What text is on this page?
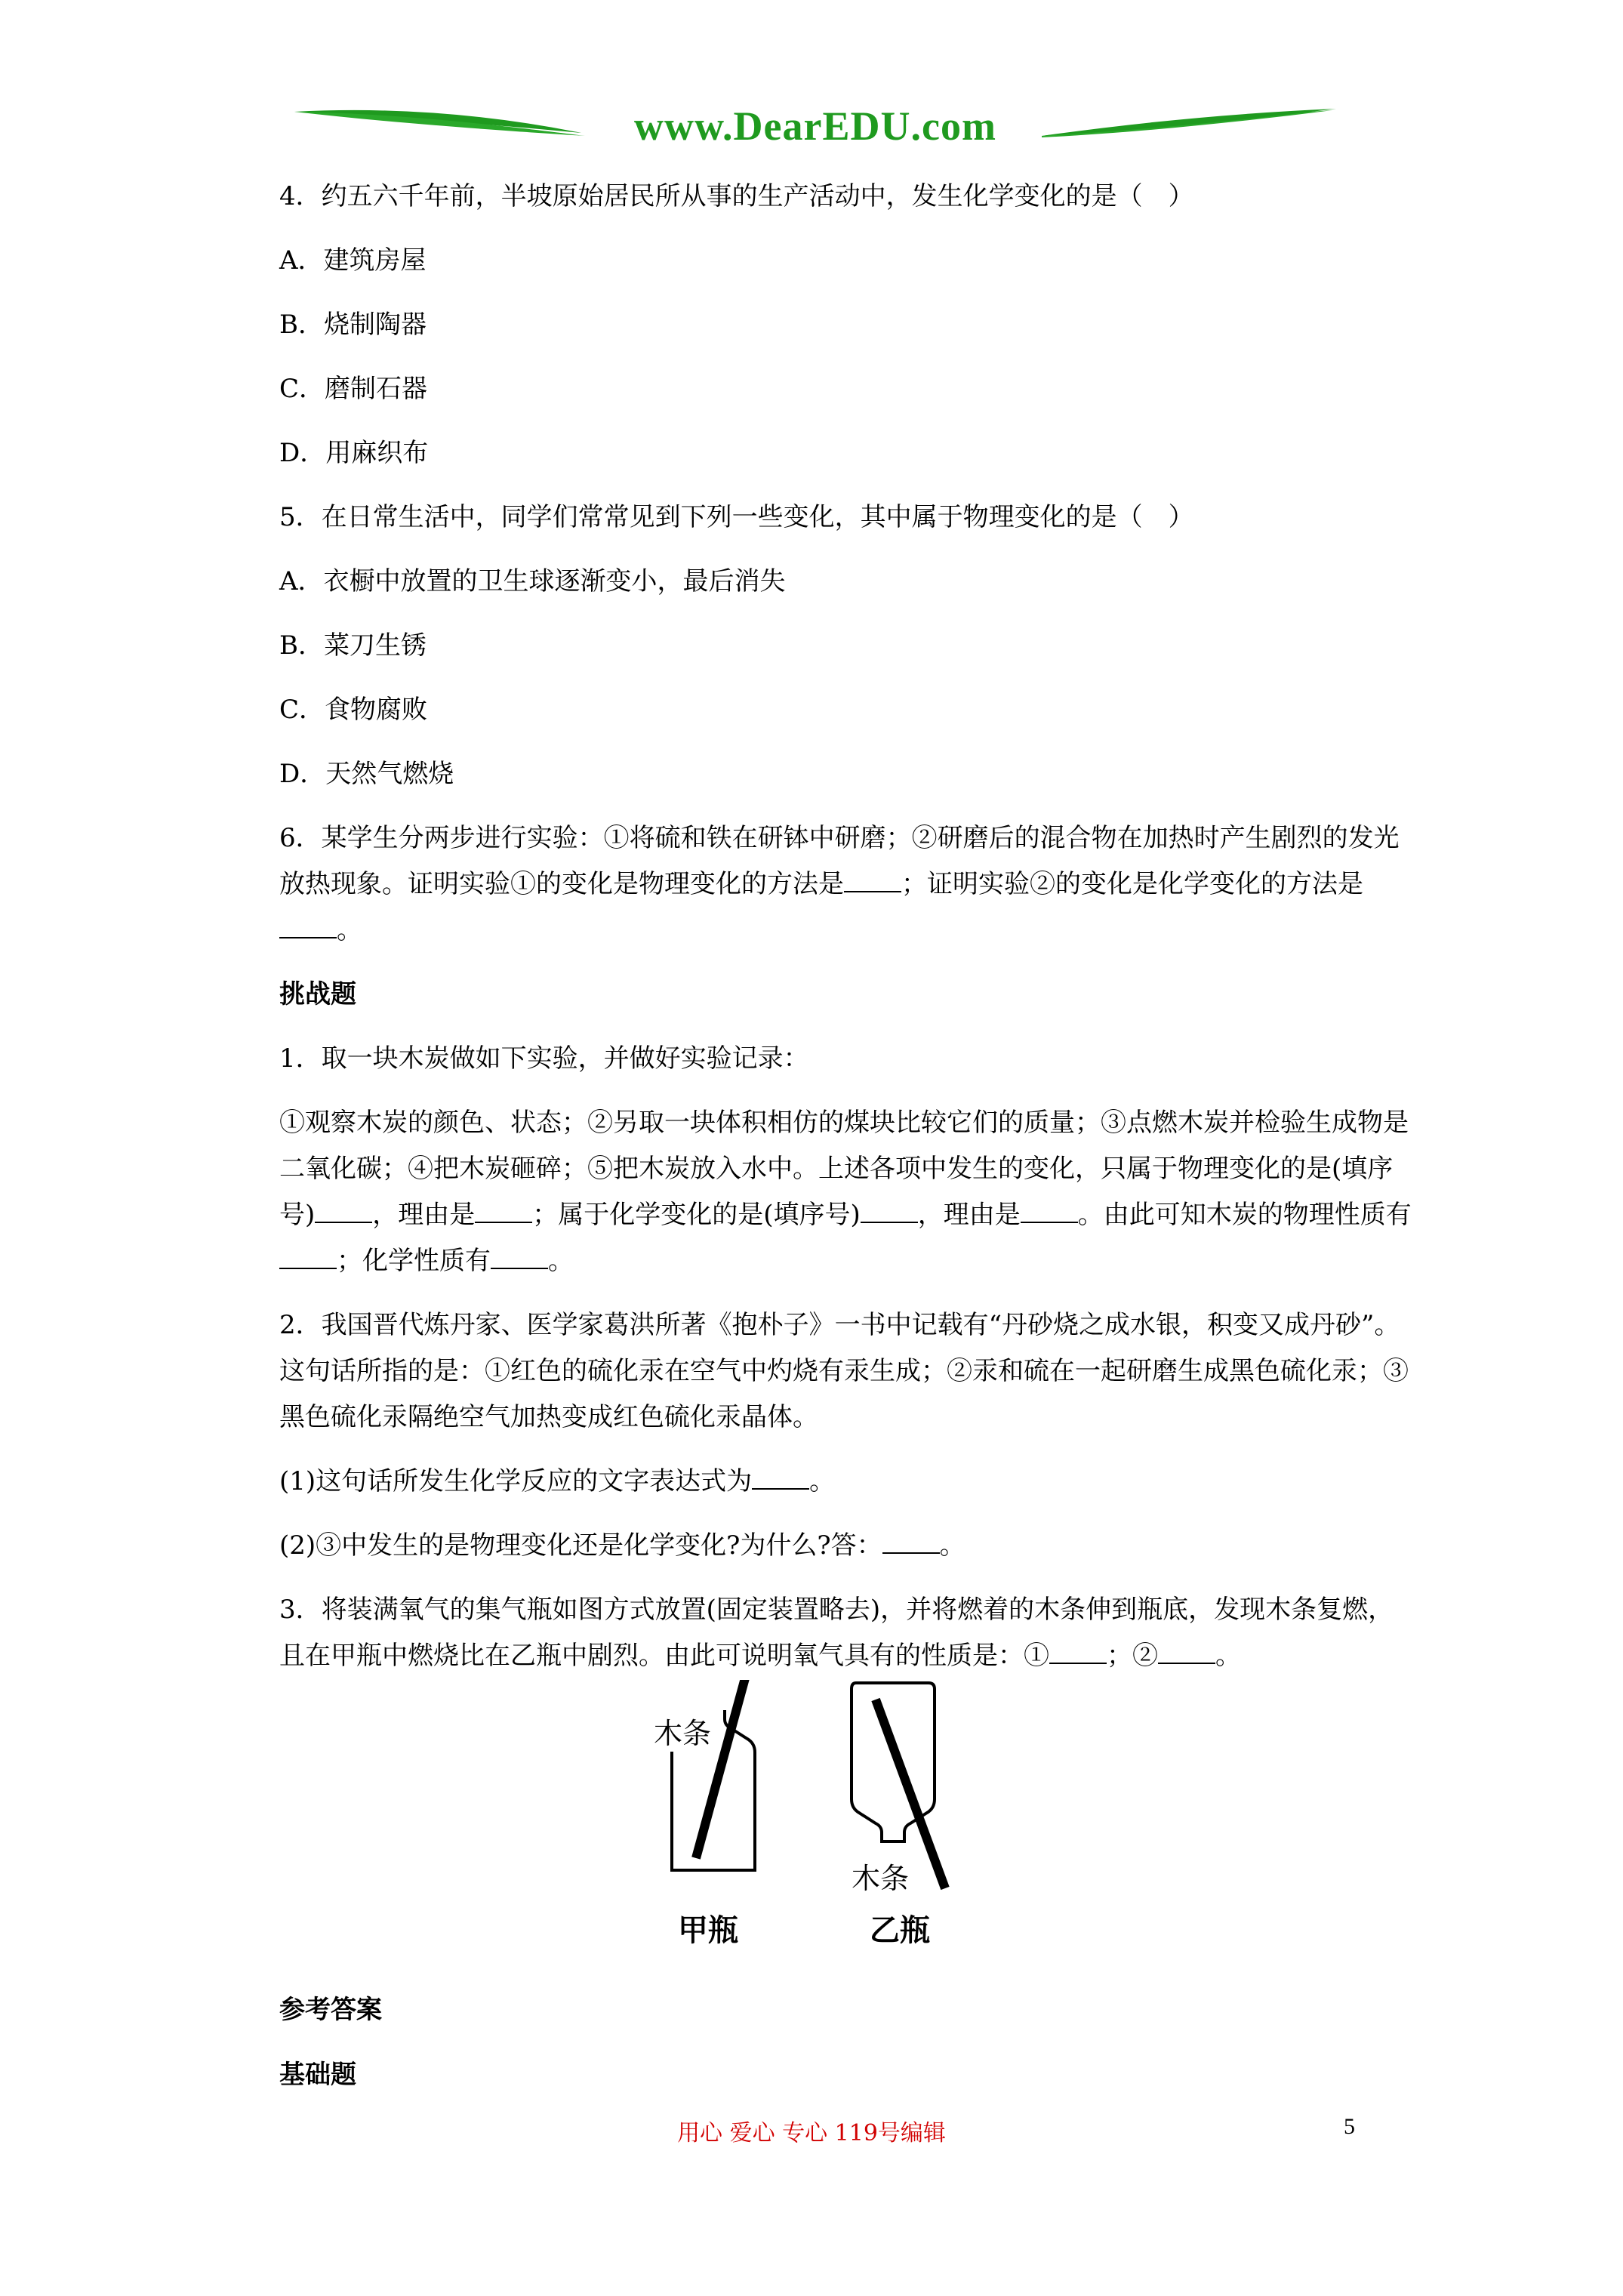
www.DearEDU.com

4．约五六千年前，半坡原始居民所从事的生产活动中，发生化学变化的是（　）

A．建筑房屋

B．烧制陶器

C．磨制石器

D．用麻织布

5．在日常生活中，同学们常常见到下列一些变化，其中属于物理变化的是（　）

A．衣橱中放置的卫生球逐渐变小，最后消失

B．菜刀生锈

C．食物腐败

D．天然气燃烧

6．某学生分两步进行实验：①将硫和铁在研钵中研磨；②研磨后的混合物在加热时产生剧烈的发光放热现象。证明实验①的变化是物理变化的方法是 ；证明实验②的变化是化学变化的方法是。

挑战题

1．取一块木炭做如下实验，并做好实验记录：

①观察木炭的颜色、状态；②另取一块体积相仿的煤块比较它们的质量；③点燃木炭并检验生成物是二氧化碳；④把木炭砸碎；⑤把木炭放入水中。上述各项中发生的变化，只属于物理变化的是(填序号) ，理由是 ；属于化学变化的是(填序号) ，理由是 。由此可知木炭的物理性质有；化学性质有 。

2．我国晋代炼丹家、医学家葛洪所著《抱朴子》一书中记载有“丹砂烧之成水银，积变又成丹砂”。这句话所指的是：①红色的硫化汞在空气中灼烧有汞生成；②汞和硫在一起研磨生成黑色硫化汞；③黑色硫化汞隔绝空气加热变成红色硫化汞晶体。

(1)这句话所发生化学反应的文字表达式为 。

(2)③中发生的是物理变化还是化学变化?为什么?答： 。

3．将装满氧气的集气瓶如图方式放置(固定装置略去)，并将燃着的木条伸到瓶底，发现木条复燃，且在甲瓶中燃烧比在乙瓶中剧烈。由此可说明氧气具有的性质是：① ；② 。

木条
甲瓶
木条
乙瓶
参考答案
基础题
用心 爱心 专心 119号编辑	5
